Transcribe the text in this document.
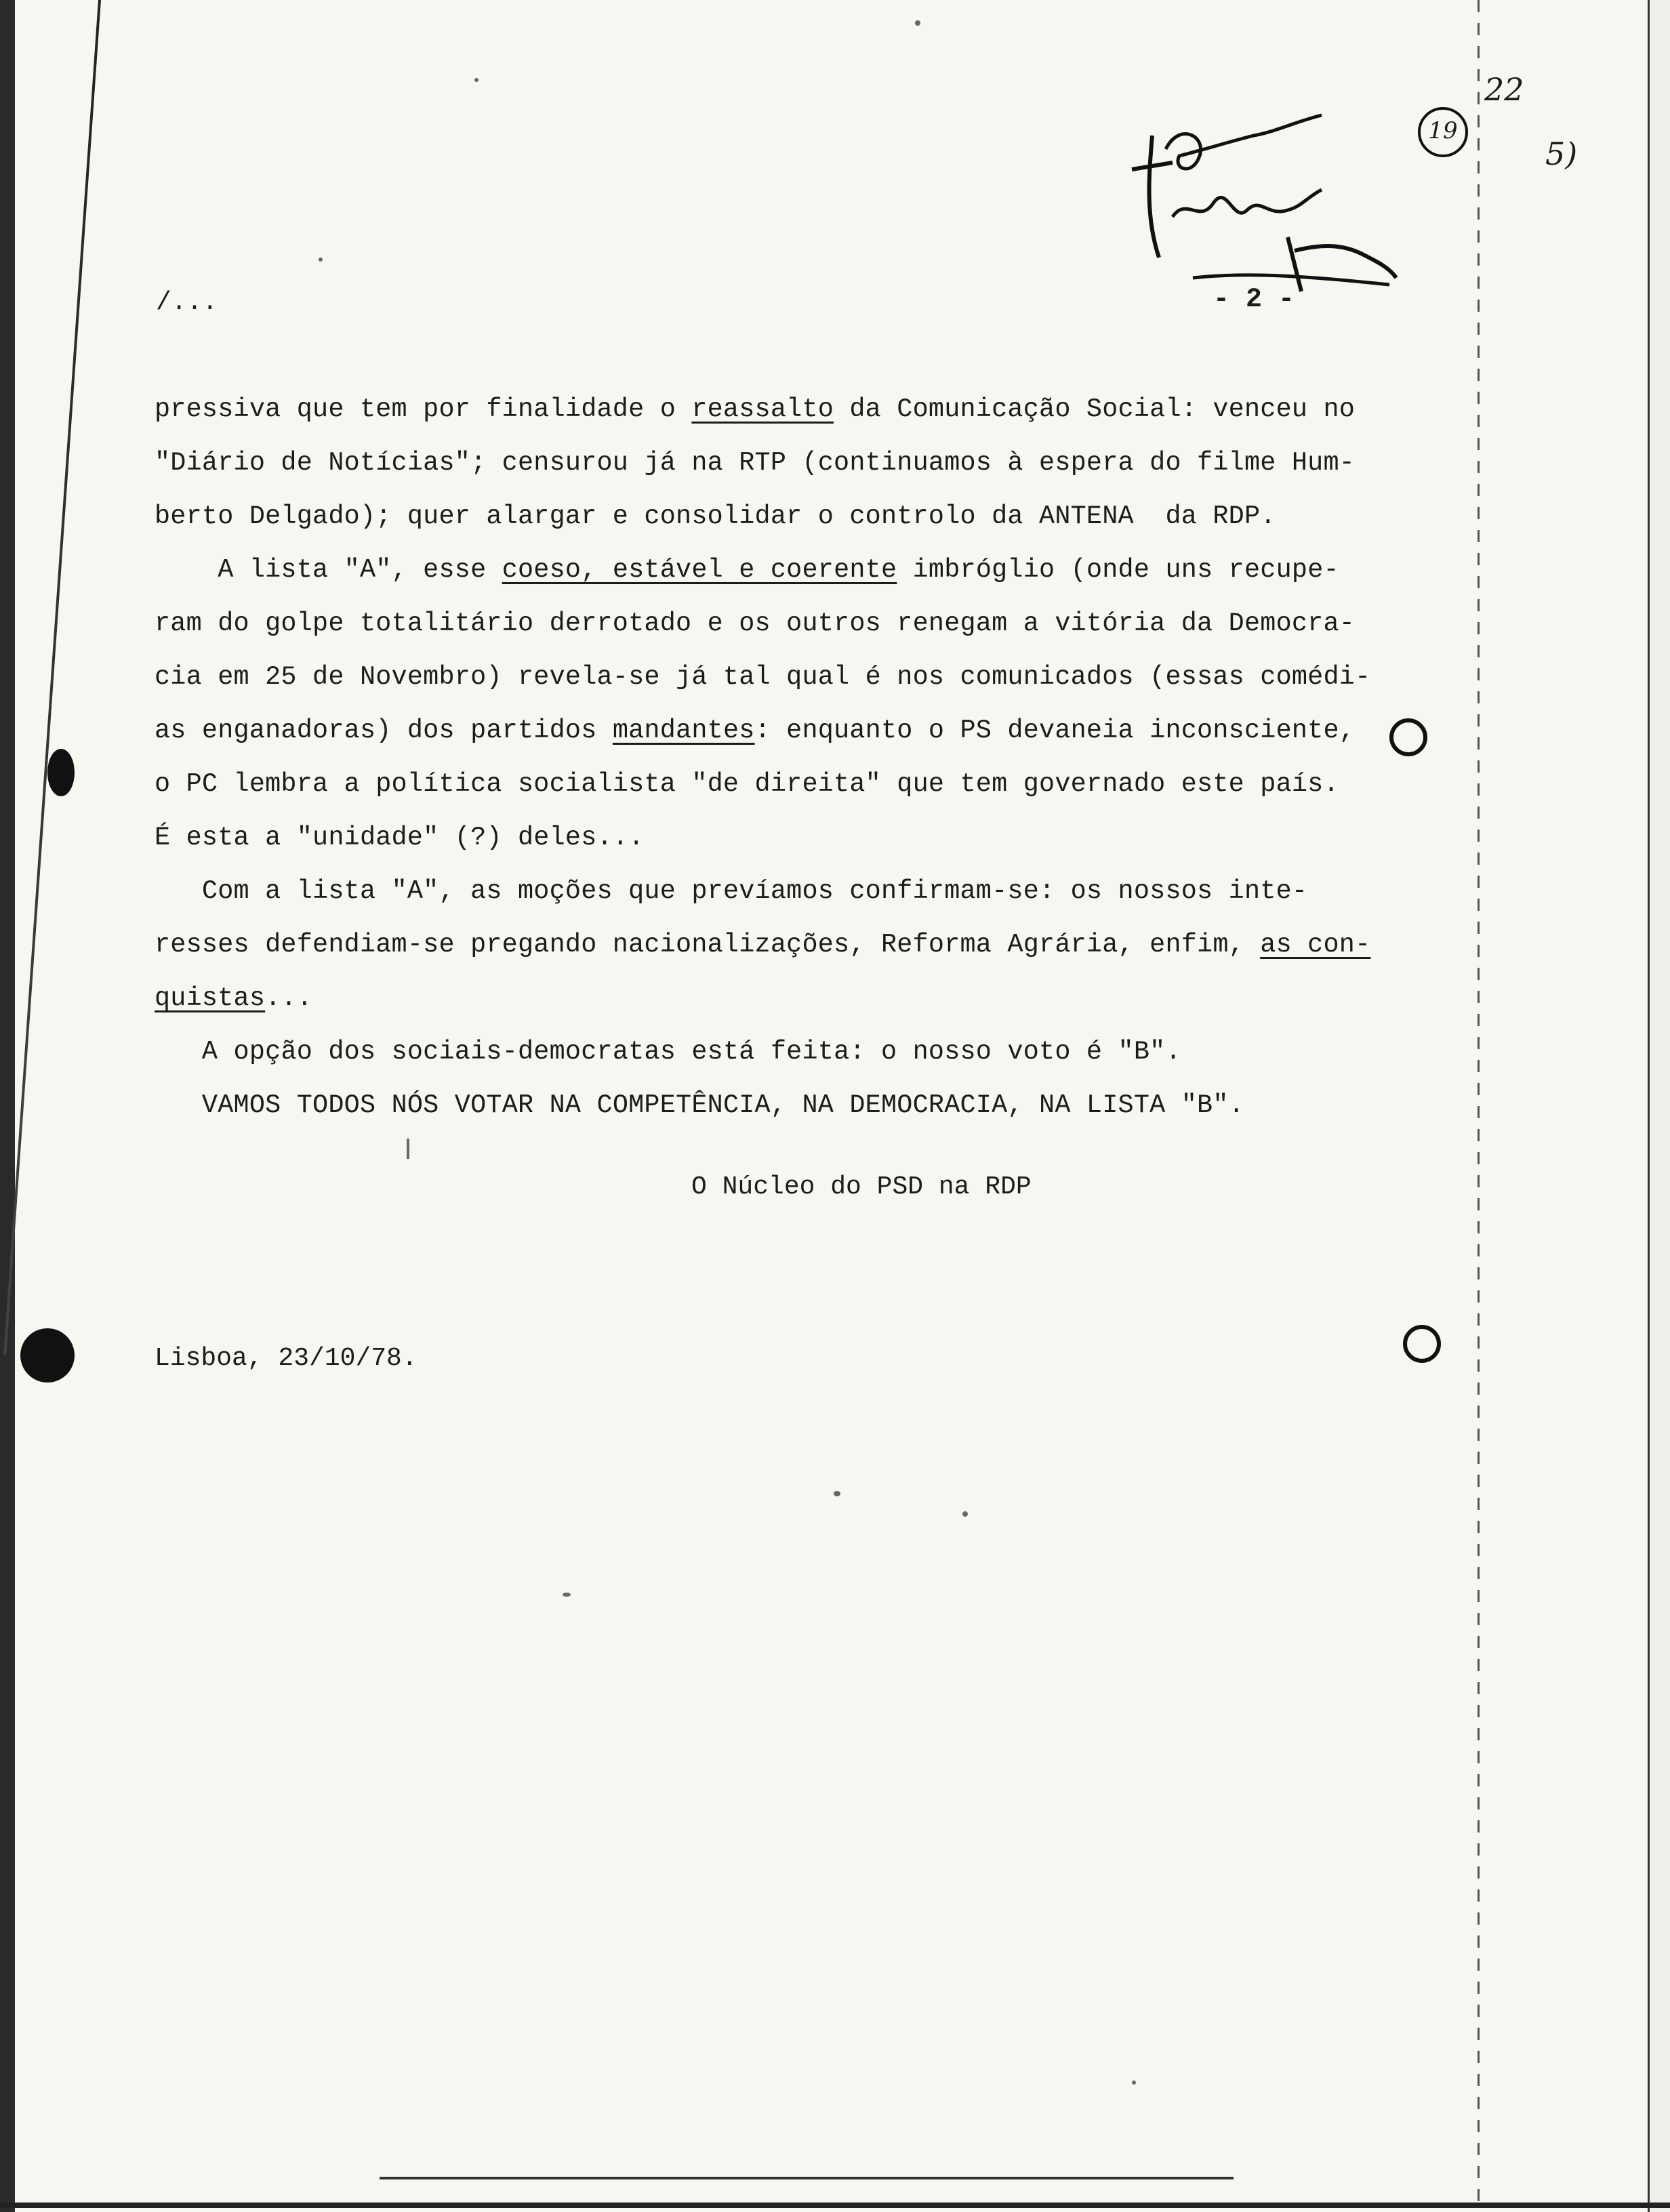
19
22
5)
/...	- 2 -

pressiva que tem por finalidade o reassalto da Comunicação Social: venceu no
"Diário de Notícias"; censurou já na RTP (continuamos à espera do filme Hum-
berto Delgado); quer alargar e consolidar o controlo da ANTENA  da RDP.

A lista "A", esse coeso, estável e coerente imbróglio (onde uns recupe-
ram do golpe totalitário derrotado e os outros renegam a vitória da Democra-
cia em 25 de Novembro) revela-se já tal qual é nos comunicados (essas comédi-
as enganadoras) dos partidos mandantes: enquanto o PS devaneia inconsciente,
o PC lembra a política socialista "de direita" que tem governado este país.
É esta a "unidade" (?) deles...

Com a lista "A", as moções que prevíamos confirmam-se: os nossos inte-
resses defendiam-se pregando nacionalizações, Reforma Agrária, enfim, as con-
quistas...

A opção dos sociais-democratas está feita: o nosso voto é "B".

VAMOS TODOS NÓS VOTAR NA COMPETÊNCIA, NA DEMOCRACIA, NA LISTA "B".

O Núcleo do PSD na RDP
Lisboa, 23/10/78.
